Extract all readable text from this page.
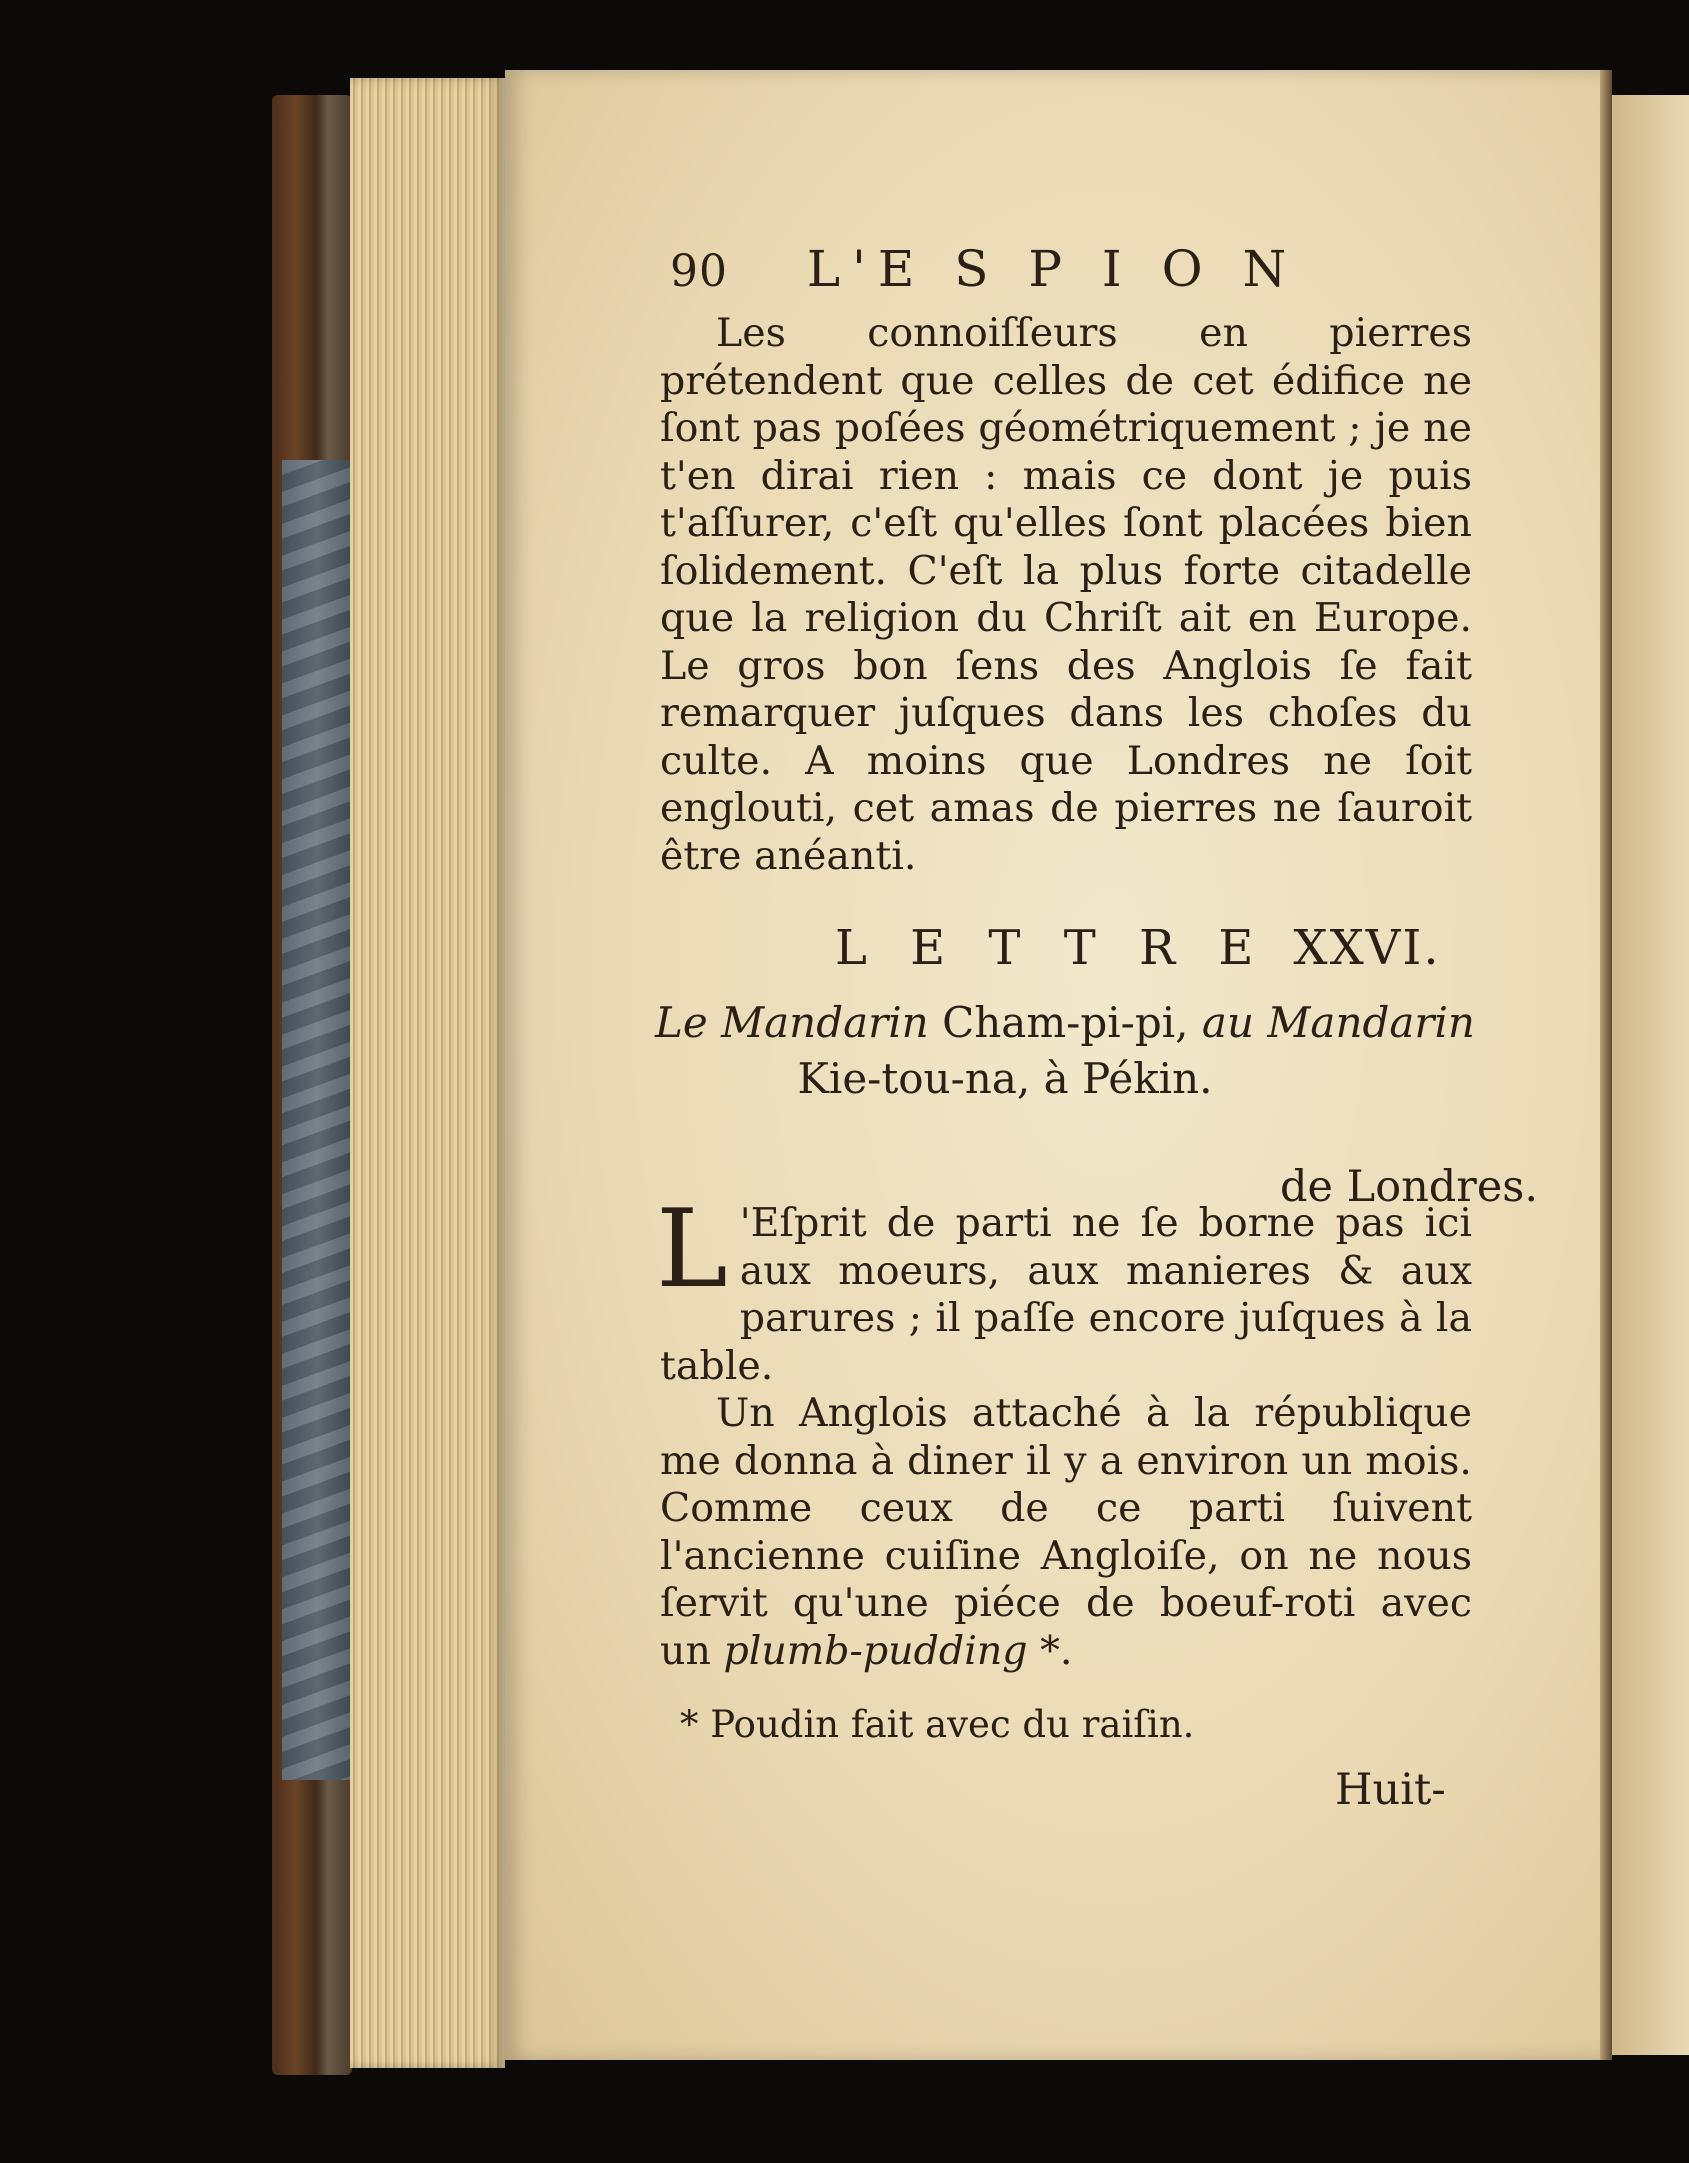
90 L'E S P I O N

Les connoiſſeurs en pierres prétendent que celles de cet édifice ne ſont pas poſées géométriquement ; je ne t'en dirai rien : mais ce dont je puis t'aſſurer, c'eſt qu'elles ſont placées bien ſolidement. C'eſt la plus forte citadelle que la religion du Chriſt ait en Europe. Le gros bon ſens des Anglois ſe fait remarquer juſques dans les choſes du culte. A moins que Londres ne ſoit englouti, cet amas de pierres ne ſauroit être anéanti.

L E T T R E XXVI.
Le Mandarin Cham-pi-pi, au Mandarin
Kie-tou-na, à Pékin.
de Londres.

L 'Eſprit de parti ne ſe borne pas ici aux moeurs, aux manieres & aux parures ; il paſſe encore juſques à la table.

Un Anglois attaché à la république me donna à diner il y a environ un mois. Comme ceux de ce parti ſuivent l'ancienne cuiſine Angloiſe, on ne nous ſervit qu'une piéce de boeuf-roti avec un plumb-pudding *.

* Poudin fait avec du raiſin.
Huit-
